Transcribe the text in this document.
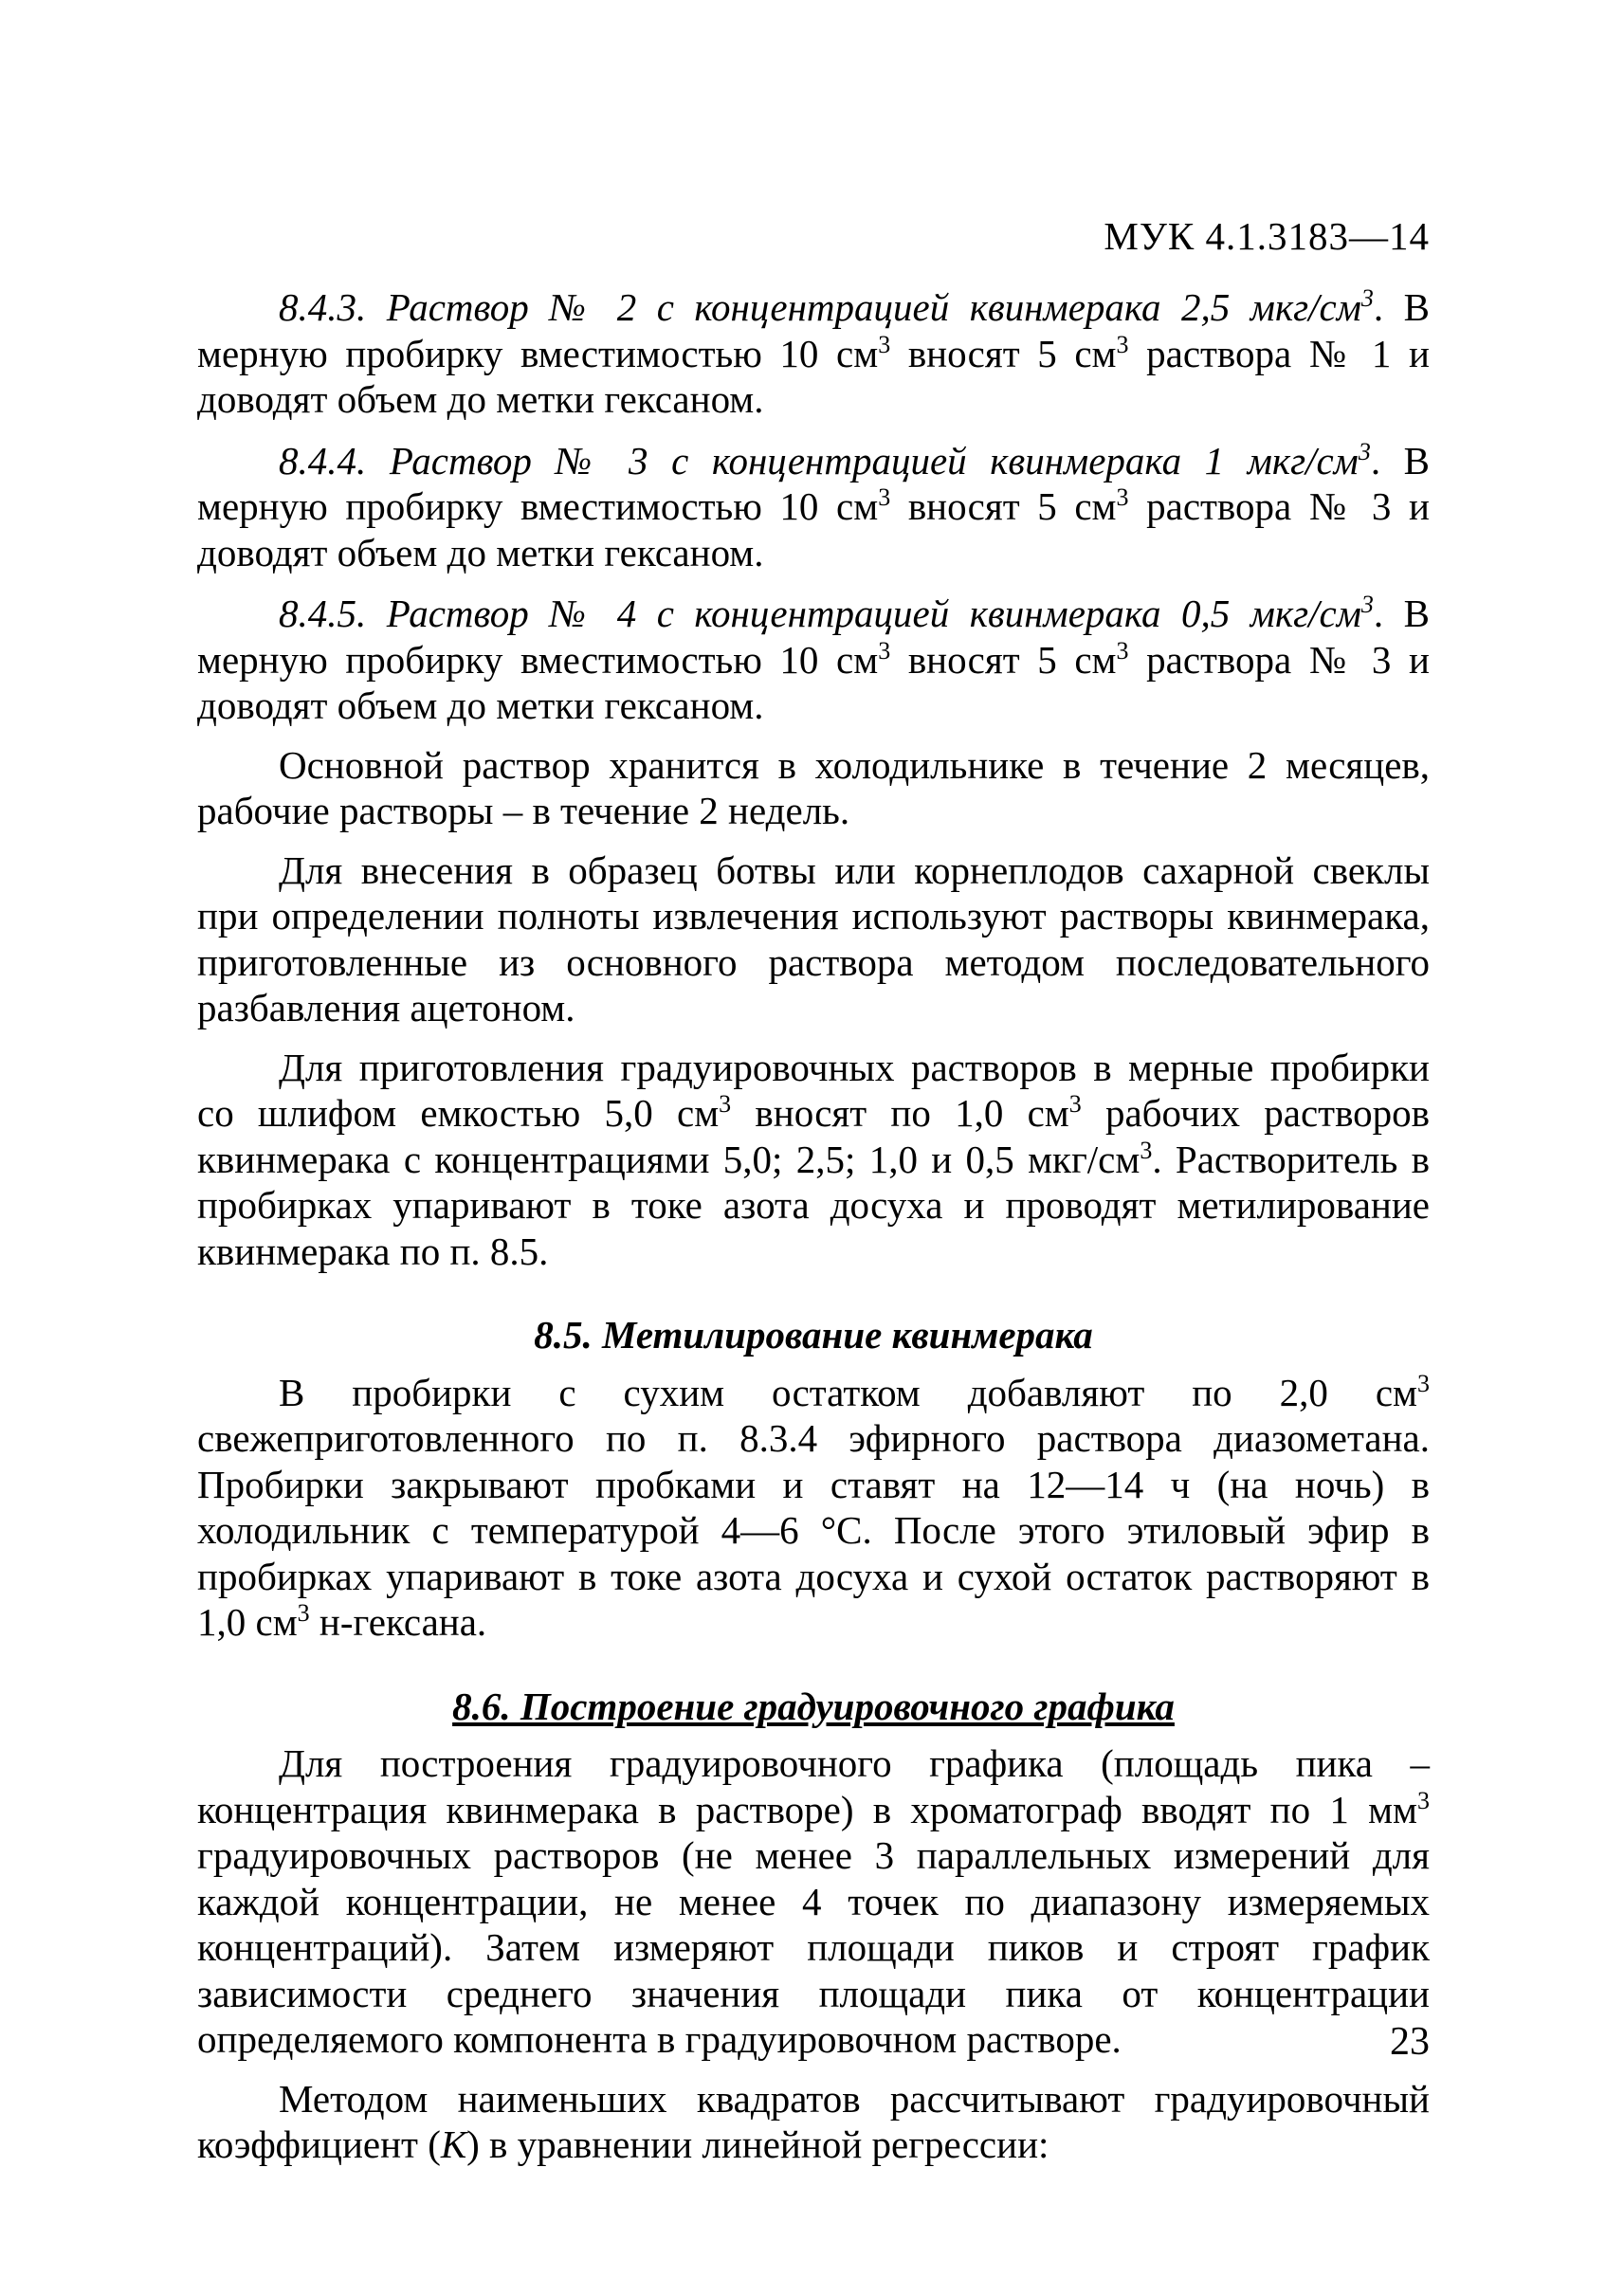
МУК 4.1.3183—14

8.4.3. Раствор № 2 с концентрацией квинмерака 2,5 мкг/$см^3$. В мерную пробирку вместимостью 10 $см^3$ вносят 5 $см^3$ раствора № 1 и доводят объем до метки гексаном.

8.4.4. Раствор № 3 с концентрацией квинмерака 1 мкг/$см^3$. В мерную пробирку вместимостью 10 $см^3$ вносят 5 $см^3$ раствора № 3 и доводят объем до метки гексаном.

8.4.5. Раствор № 4 с концентрацией квинмерака 0,5 мкг/$см^3$. В мерную пробирку вместимостью 10 $см^3$ вносят 5 $см^3$ раствора № 3 и доводят объем до метки гексаном.

Основной раствор хранится в холодильнике в течение 2 месяцев, рабочие растворы – в течение 2 недель.

Для внесения в образец ботвы или корнеплодов сахарной свеклы при определении полноты извлечения используют растворы квинмерака, приготовленные из основного раствора методом последовательного разбавления ацетоном.

Для приготовления градуировочных растворов в мерные пробирки со шлифом емкостью 5,0 $см^3$ вносят по 1,0 $см^3$ рабочих растворов квинмерака с концентрациями 5,0; 2,5; 1,0 и 0,5 мкг/$см^3$. Растворитель в пробирках упаривают в токе азота досуха и проводят метилирование квинмерака по п. 8.5.

8.5. Метилирование квинмерака

В пробирки с сухим остатком добавляют по 2,0 $см^3$ свежеприготовленного по п. 8.3.4 эфирного раствора диазометана. Пробирки закрывают пробками и ставят на 12—14 ч (на ночь) в холодильник с температурой 4—6 °С. После этого этиловый эфир в пробирках упаривают в токе азота досуха и сухой остаток растворяют в 1,0 $см^3$ н-гексана.

8.6. Построение градуировочного графика

Для построения градуировочного графика (площадь пика – концентрация квинмерака в растворе) в хроматограф вводят по 1 $мм^3$ градуировочных растворов (не менее 3 параллельных измерений для каждой концентрации, не менее 4 точек по диапазону измеряемых концентраций). Затем измеряют площади пиков и строят график зависимости среднего значения площади пика от концентрации определяемого компонента в градуировочном растворе.

Методом наименьших квадратов рассчитывают градуировочный коэффициент (К) в уравнении линейной регрессии:

23
